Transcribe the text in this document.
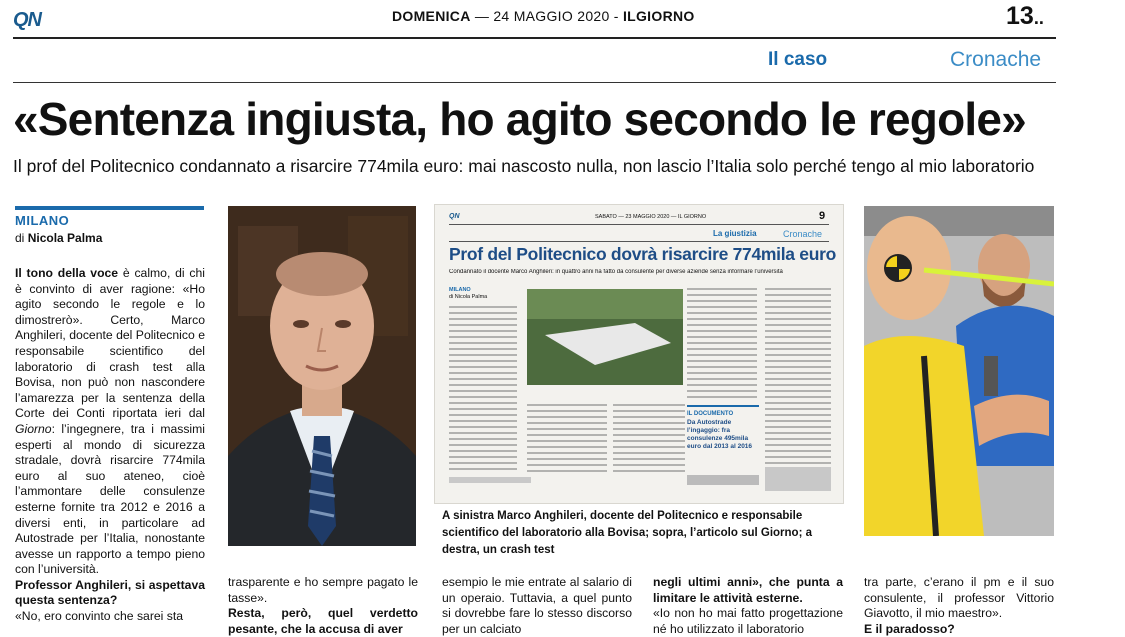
QN	DOMENICA — 24 MAGGIO 2020 - ILGIORNO	13..
Il caso	Cronache
«Sentenza ingiusta, ho agito secondo le regole»
Il prof del Politecnico condannato a risarcire 774mila euro: mai nascosto nulla, non lascio l’Italia solo perché tengo al mio laboratorio
MILANO
di Nicola Palma

Il tono della voce è calmo, di chi è convinto di aver ragione: «Ho agito secondo le regole e lo dimostrerò». Certo, Marco Anghileri, docente del Politecnico e responsabile scientifico del laboratorio di crash test alla Bovisa, non può non nascondere l’amarezza per la sentenza della Corte dei Conti riportata ieri dal Giorno: l’ingegnere, tra i massimi esperti al mondo di sicurezza stradale, dovrà risarcire 774mila euro al suo ateneo, cioè l’ammontare delle consulenze esterne fornite tra 2012 e 2016 a diversi enti, in particolare ad Autostrade per l’Italia, nonostante avesse un rapporto a tempo pieno con l’università.

Professor Anghileri, si aspettava questa sentenza?

«No, ero convinto che sarei sta

QN	SABATO — 23 MAGGIO 2020 — IL GIORNO	9
La giustizia	Cronache
Prof del Politecnico dovrà risarcire 774mila euro
Condannato il docente Marco Anghileri: in quattro anni ha fatto da consulente per diverse aziende senza informare l’università
MILANO
di Nicola Palma
IL DOCUMENTO
Da Autostrade l’ingaggio: fra consulenze 495mila euro dal 2013 al 2016
A sinistra Marco Anghileri, docente del Politecnico e responsabile scientifico del laboratorio alla Bovisa; sopra, l’articolo sul Giorno; a destra, un crash test

trasparente e ho sempre pagato le tasse».

Resta, però, quel verdetto pesante, che la accusa di aver

esempio le mie entrate al salario di un operaio. Tuttavia, a quel punto si dovrebbe fare lo stesso discorso per un calciato

negli ultimi anni», che punta a limitare le attività esterne.

«Io non ho mai fatto progettazione né ho utilizzato il laboratorio

tra parte, c’erano il pm e il suo consulente, il professor Vittorio Giavotto, il mio maestro».

E il paradosso?
